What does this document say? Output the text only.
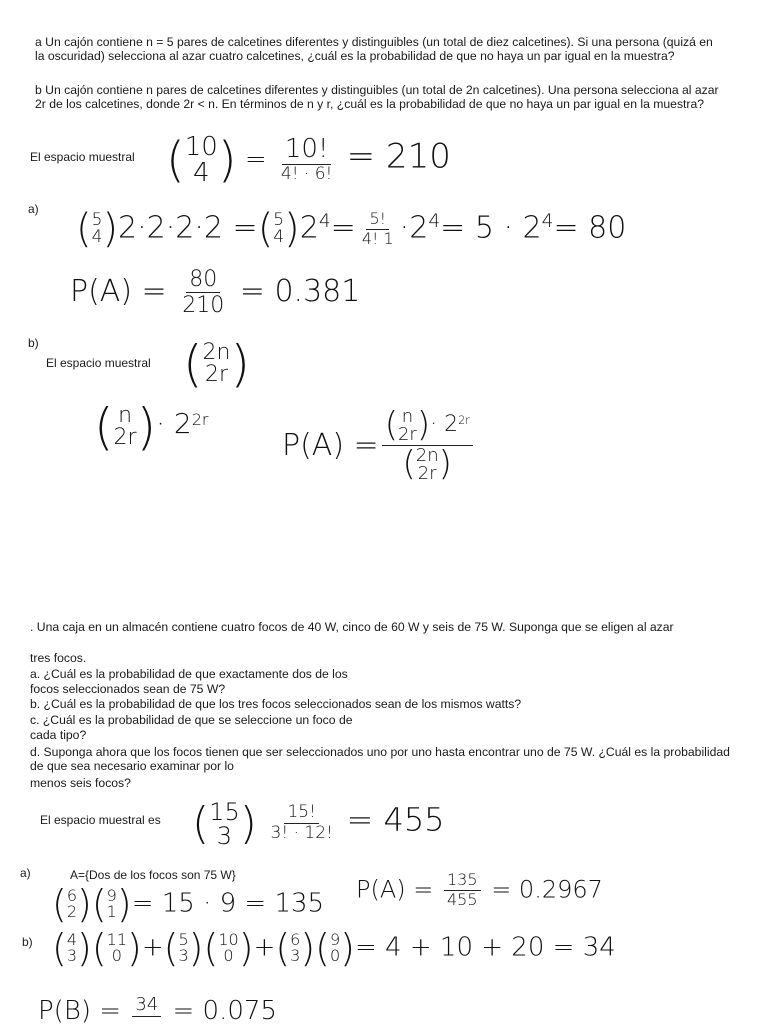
a Un cajón contiene n = 5 pares de calcetines diferentes y distinguibles (un total de diez calcetines). Si una persona (quizá en la oscuridad) selecciona al azar cuatro calcetines, ¿cuál es la probabilidad de que no haya un par igual en la muestra?

b Un cajón contiene n pares de calcetines diferentes y distinguibles (un total de 2n calcetines). Una persona selecciona al azar 2r de los calcetines, donde 2r < n. En términos de n y r, ¿cuál es la probabilidad de que no haya un par igual en la muestra?

El espacio muestral ( 10
4 ) = $\frac{10!}{4! \cdot 6!} = 210$

a) ( 5
4 ) 2·2·2·2 = ( 5
4 ) $24= \frac{5!}{4! 1} \cdot 24= 5 \cdot 24= 80$
$P(A) = \frac{80}{210} = 0.381$

b)

El espacio muestral ( 2n
2r )
( n
2r ) · 22r
P(A) = ( n
2r ) · 22r
( 2n
2r )

. Una caja en un almacén contiene cuatro focos de 40 W, cinco de 60 W y seis de 75 W. Suponga que se eligen al azar

tres focos.

a. ¿Cuál es la probabilidad de que exactamente dos de los

focos seleccionados sean de 75 W?

b. ¿Cuál es la probabilidad de que los tres focos seleccionados sean de los mismos watts?

c. ¿Cuál es la probabilidad de que se seleccione un foco de

cada tipo?

d. Suponga ahora que los focos tienen que ser seleccionados uno por uno hasta encontrar uno de 75 W. ¿Cuál es la probabilidad de que sea necesario examinar por lo

menos seis focos?

El espacio muestral es ( 15
3 )
$\frac{15!}{3! \cdot 12!} = 455$

a)	A={Dos de los focos son 75 W}

( 6
2 ) ( 9
1 ) = 15 · 9 = 135 $P(A) = \frac{135}{455} = 0.2967$

b) ( 4
3 ) ( 11
0 ) + ( 5
3 ) ( 10
0 ) + ( 6
3 ) ( 9
0 ) = 4 + 10 + 20 = 34
P(B) = 34 = 0.075
